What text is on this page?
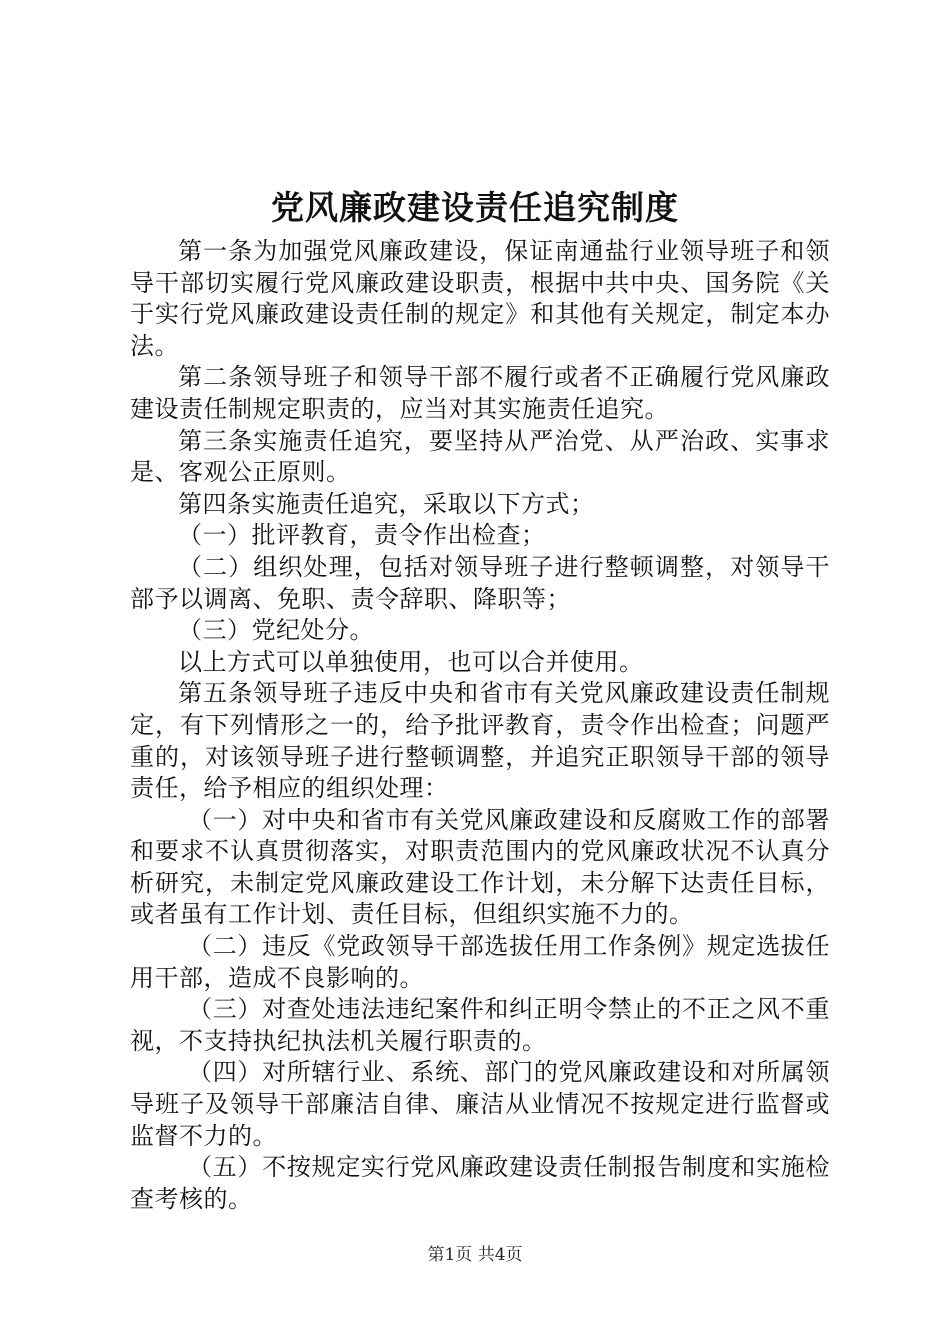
党风廉政建设责任追究制度

第一条为加强党风廉政建设，保证南通盐行业领导班子和领导干部切实履行党风廉政建设职责，根据中共中央、国务院《关于实行党风廉政建设责任制的规定》和其他有关规定，制定本办法。

第二条领导班子和领导干部不履行或者不正确履行党风廉政建设责任制规定职责的，应当对其实施责任追究。

第三条实施责任追究，要坚持从严治党、从严治政、实事求是、客观公正原则。

第四条实施责任追究，采取以下方式；

（一）批评教育，责令作出检查；

（二）组织处理，包括对领导班子进行整顿调整，对领导干部予以调离、免职、责令辞职、降职等；

（三）党纪处分。

以上方式可以单独使用，也可以合并使用。

第五条领导班子违反中央和省市有关党风廉政建设责任制规定，有下列情形之一的，给予批评教育，责令作出检查；问题严重的，对该领导班子进行整顿调整，并追究正职领导干部的领导责任，给予相应的组织处理：

（一）对中央和省市有关党风廉政建设和反腐败工作的部署和要求不认真贯彻落实，对职责范围内的党风廉政状况不认真分析研究，未制定党风廉政建设工作计划，未分解下达责任目标，或者虽有工作计划、责任目标，但组织实施不力的。

（二）违反《党政领导干部选拔任用工作条例》规定选拔任用干部，造成不良影响的。

（三）对查处违法违纪案件和纠正明令禁止的不正之风不重视，不支持执纪执法机关履行职责的。

（四）对所辖行业、系统、部门的党风廉政建设和对所属领导班子及领导干部廉洁自律、廉洁从业情况不按规定进行监督或监督不力的。

（五）不按规定实行党风廉政建设责任制报告制度和实施检查考核的。

第1页 共4页
